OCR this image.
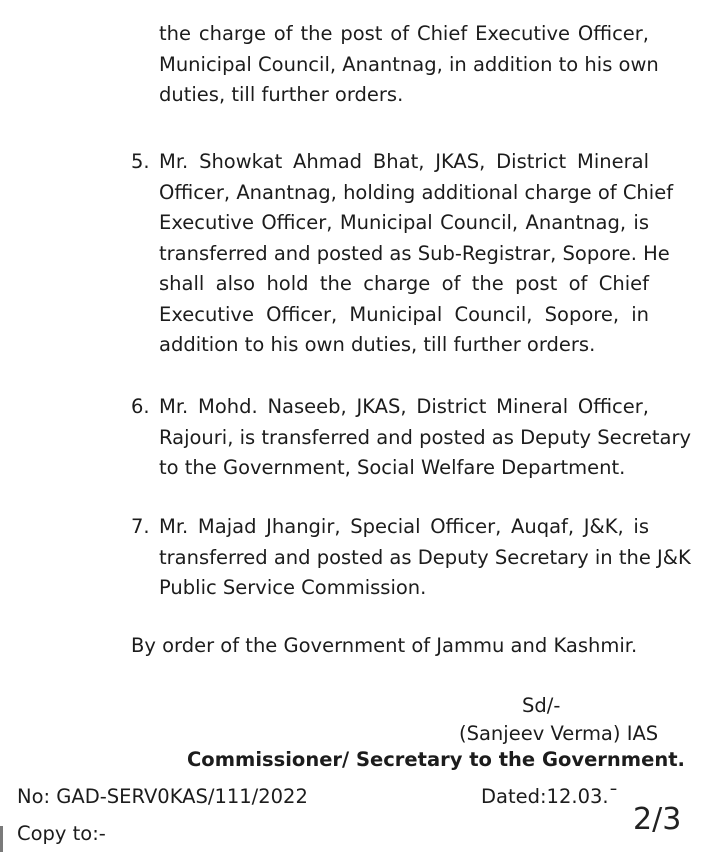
the charge of the post of Chief Executive Officer,
Municipal Council, Anantnag, in addition to his own
duties, till further orders.
5. Mr. Showkat Ahmad Bhat, JKAS, District Mineral
Officer, Anantnag, holding additional charge of Chief
Executive Officer, Municipal Council, Anantnag, is
transferred and posted as Sub-Registrar, Sopore. He
shall also hold the charge of the post of Chief
Executive Officer, Municipal Council, Sopore, in
addition to his own duties, till further orders.
6. Mr. Mohd. Naseeb, JKAS, District Mineral Officer,
Rajouri, is transferred and posted as Deputy Secretary
to the Government, Social Welfare Department.
7. Mr. Majad Jhangir, Special Officer, Auqaf, J&K, is
transferred and posted as Deputy Secretary in the J&K
Public Service Commission.
By order of the Government of Jammu and Kashmir.
Sd/-
(Sanjeev Verma) IAS
Commissioner/ Secretary to the Government.
No: GAD-SERV0KAS/111/2022	Dated:12.03.ˉ
Copy to:-	2/3
